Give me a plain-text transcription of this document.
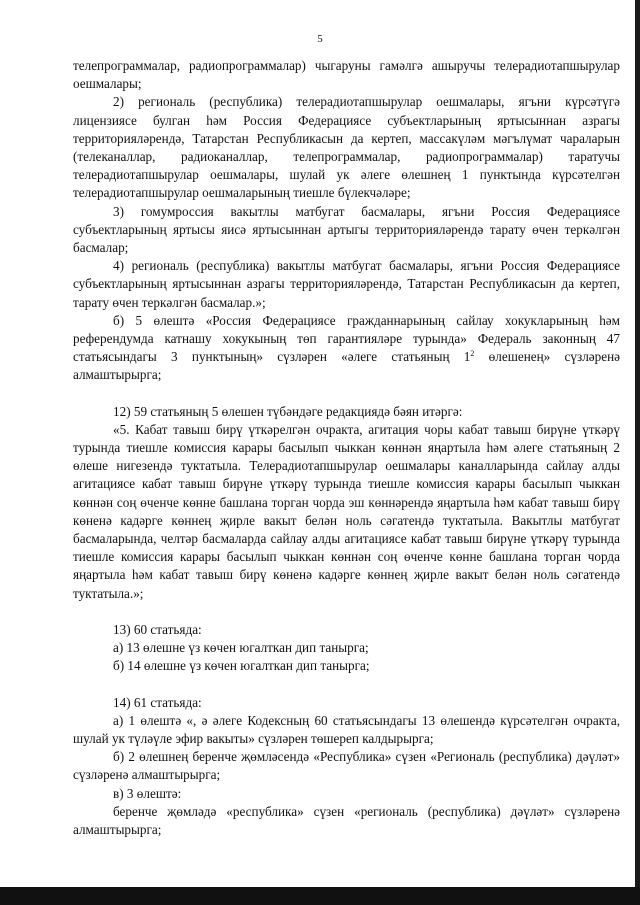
5

телепрограммалар, радиопрограммалар) чыгаруны гамәлгә ашыручы телерадиотапшырулар оешмалары;

2) региональ (республика) телерадиотапшырулар оешмалары, ягъни күрсәтүгә лицензиясе булган һәм Россия Федерациясе субъектларының яртысыннан азрагы территорияләрендә, Татарстан Республикасын да кертеп, массакүләм мәгълүмат чараларын (телеканаллар, радиоканаллар, телепрограммалар, радиопрограммалар) таратучы телерадиотапшырулар оешмалары, шулай ук әлеге өлешнең 1 пунктында күрсәтелгән телерадиотапшырулар оешмаларының тиешле бүлекчәләре;

3) гомумроссия вакытлы матбугат басмалары, ягъни Россия Федерациясе субъектларының яртысы яисә яртысыннан артыгы территорияләрендә тарату өчен теркәлгән басмалар;

4) региональ (республика) вакытлы матбугат басмалары, ягъни Россия Федерациясе субъектларының яртысыннан азрагы территорияләрендә, Татарстан Республикасын да кертеп, тарату өчен теркәлгән басмалар.»;

б) 5 өлештә «Россия Федерациясе гражданнарының сайлау хокукларының һәм референдумда катнашу хокукының төп гарантияләре турында» Федераль законның 47 статьясындагы 3 пунктының» сүзләрен «әлеге статьяның $1^2$ өлешенең» сүзләренә алмаштырырга;

12) 59 статьяның 5 өлешен түбәндәге редакциядә бәян итәргә:

«5. Кабат тавыш бирү үткәрелгән очракта, агитация чоры кабат тавыш бирүне үткәрү турында тиешле комиссия карары басылып чыккан көннән яңартыла һәм әлеге статьяның 2 өлеше нигезендә туктатыла. Телерадиотапшырулар оешмалары каналларында сайлау алды агитациясе кабат тавыш бирүне үткәрү турында тиешле комиссия карары басылып чыккан көннән соң өченче көнне башлана торган чорда эш көннәрендә яңартыла һәм кабат тавыш бирү көненә кадәрге көннең җирле вакыт белән ноль сәгатендә туктатыла. Вакытлы матбугат басмаларында, челтәр басмаларда сайлау алды агитациясе кабат тавыш бирүне үткәрү турында тиешле комиссия карары басылып чыккан көннән соң өченче көнне башлана торган чорда яңартыла һәм кабат тавыш бирү көненә кадәрге көннең җирле вакыт белән ноль сәгатендә туктатыла.»;

13) 60 статьяда:

а) 13 өлешне үз көчен югалткан дип танырга;

б) 14 өлешне үз көчен югалткан дип танырга;

14) 61 статьяда:

а) 1 өлештә «, ә әлеге Кодексның 60 статьясындагы 13 өлешендә күрсәтелгән очракта, шулай ук түләүле эфир вакыты» сүзләрен төшереп калдырырга;

б) 2 өлешнең беренче җөмләсендә «Республика» сүзен «Региональ (республика) дәүләт» сүзләренә алмаштырырга;

в) 3 өлештә:

беренче җөмләдә «республика» сүзен «региональ (республика) дәүләт» сүзләренә алмаштырырга;
